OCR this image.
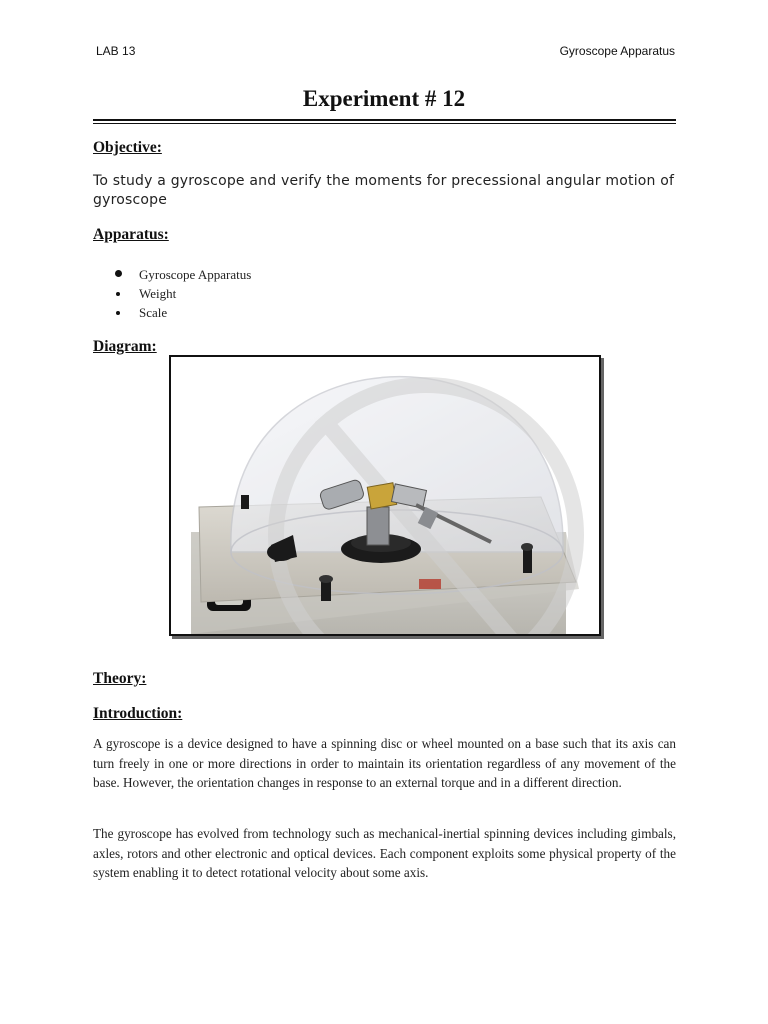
LAB 13	Gyroscope Apparatus
Experiment # 12
Objective:
To study a gyroscope and verify the moments for precessional angular motion of gyroscope
Apparatus:
Gyroscope Apparatus
Weight
Scale
Diagram:
Theory:
Introduction:

A gyroscope is a device designed to have a spinning disc or wheel mounted on a base such that its axis can turn freely in one or more directions in order to maintain its orientation regardless of any movement of the base. However, the orientation changes in response to an external torque and in a different direction.

The gyroscope has evolved from technology such as mechanical-inertial spinning devices including gimbals, axles, rotors and other electronic and optical devices. Each component exploits some physical property of the system enabling it to detect rotational velocity about some axis.
